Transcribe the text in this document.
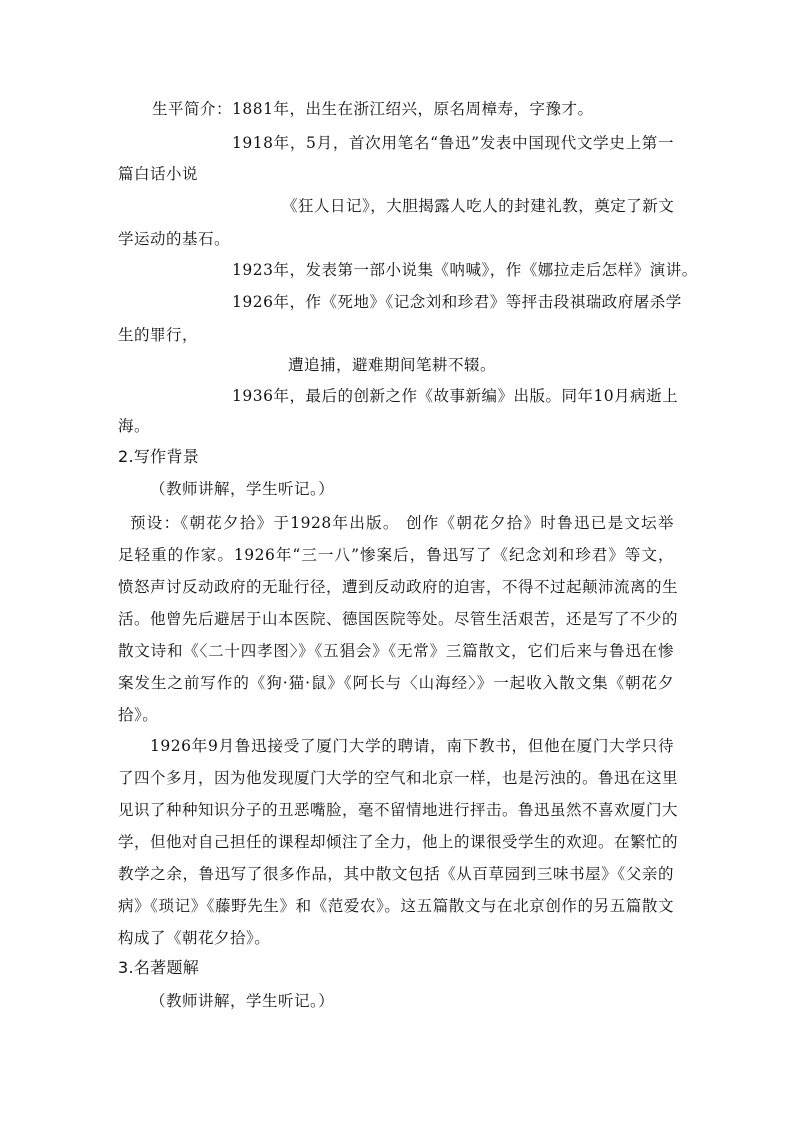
生平简介：1881年，出生在浙江绍兴，原名周樟寿，字豫才。
1918年，5月，首次用笔名“鲁迅”发表中国现代文学史上第一
篇白话小说
《狂人日记》，大胆揭露人吃人的封建礼教，奠定了新文
学运动的基石。
1923年，发表第一部小说集《呐喊》，作《娜拉走后怎样》演讲。
1926年，作《死地》《记念刘和珍君》等抨击段祺瑞政府屠杀学
生的罪行，
遭追捕，避难期间笔耕不辍。
1936年，最后的创新之作《故事新编》出版。同年10月病逝上
海。
2.写作背景
（教师讲解，学生听记。）
预设：《朝花夕拾》于1928年出版。 创作《朝花夕拾》时鲁迅已是文坛举
足轻重的作家。1926年“三一八”惨案后，鲁迅写了《纪念刘和珍君》等文，
愤怒声讨反动政府的无耻行径，遭到反动政府的迫害，不得不过起颠沛流离的生
活。他曾先后避居于山本医院、德国医院等处。尽管生活艰苦，还是写了不少的
散文诗和《〈二十四孝图〉》《五猖会》《无常》三篇散文，它们后来与鲁迅在惨
案发生之前写作的《狗·猫·鼠》《阿长与〈山海经〉》一起收入散文集《朝花夕
拾》。
1926年9月鲁迅接受了厦门大学的聘请，南下教书，但他在厦门大学只待
了四个多月，因为他发现厦门大学的空气和北京一样，也是污浊的。鲁迅在这里
见识了种种知识分子的丑恶嘴脸，毫不留情地进行抨击。鲁迅虽然不喜欢厦门大
学，但他对自己担任的课程却倾注了全力，他上的课很受学生的欢迎。在繁忙的
教学之余，鲁迅写了很多作品，其中散文包括《从百草园到三味书屋》《父亲的
病》《琐记》《藤野先生》和《范爱农》。这五篇散文与在北京创作的另五篇散文
构成了《朝花夕拾》。
3.名著题解
（教师讲解，学生听记。）
